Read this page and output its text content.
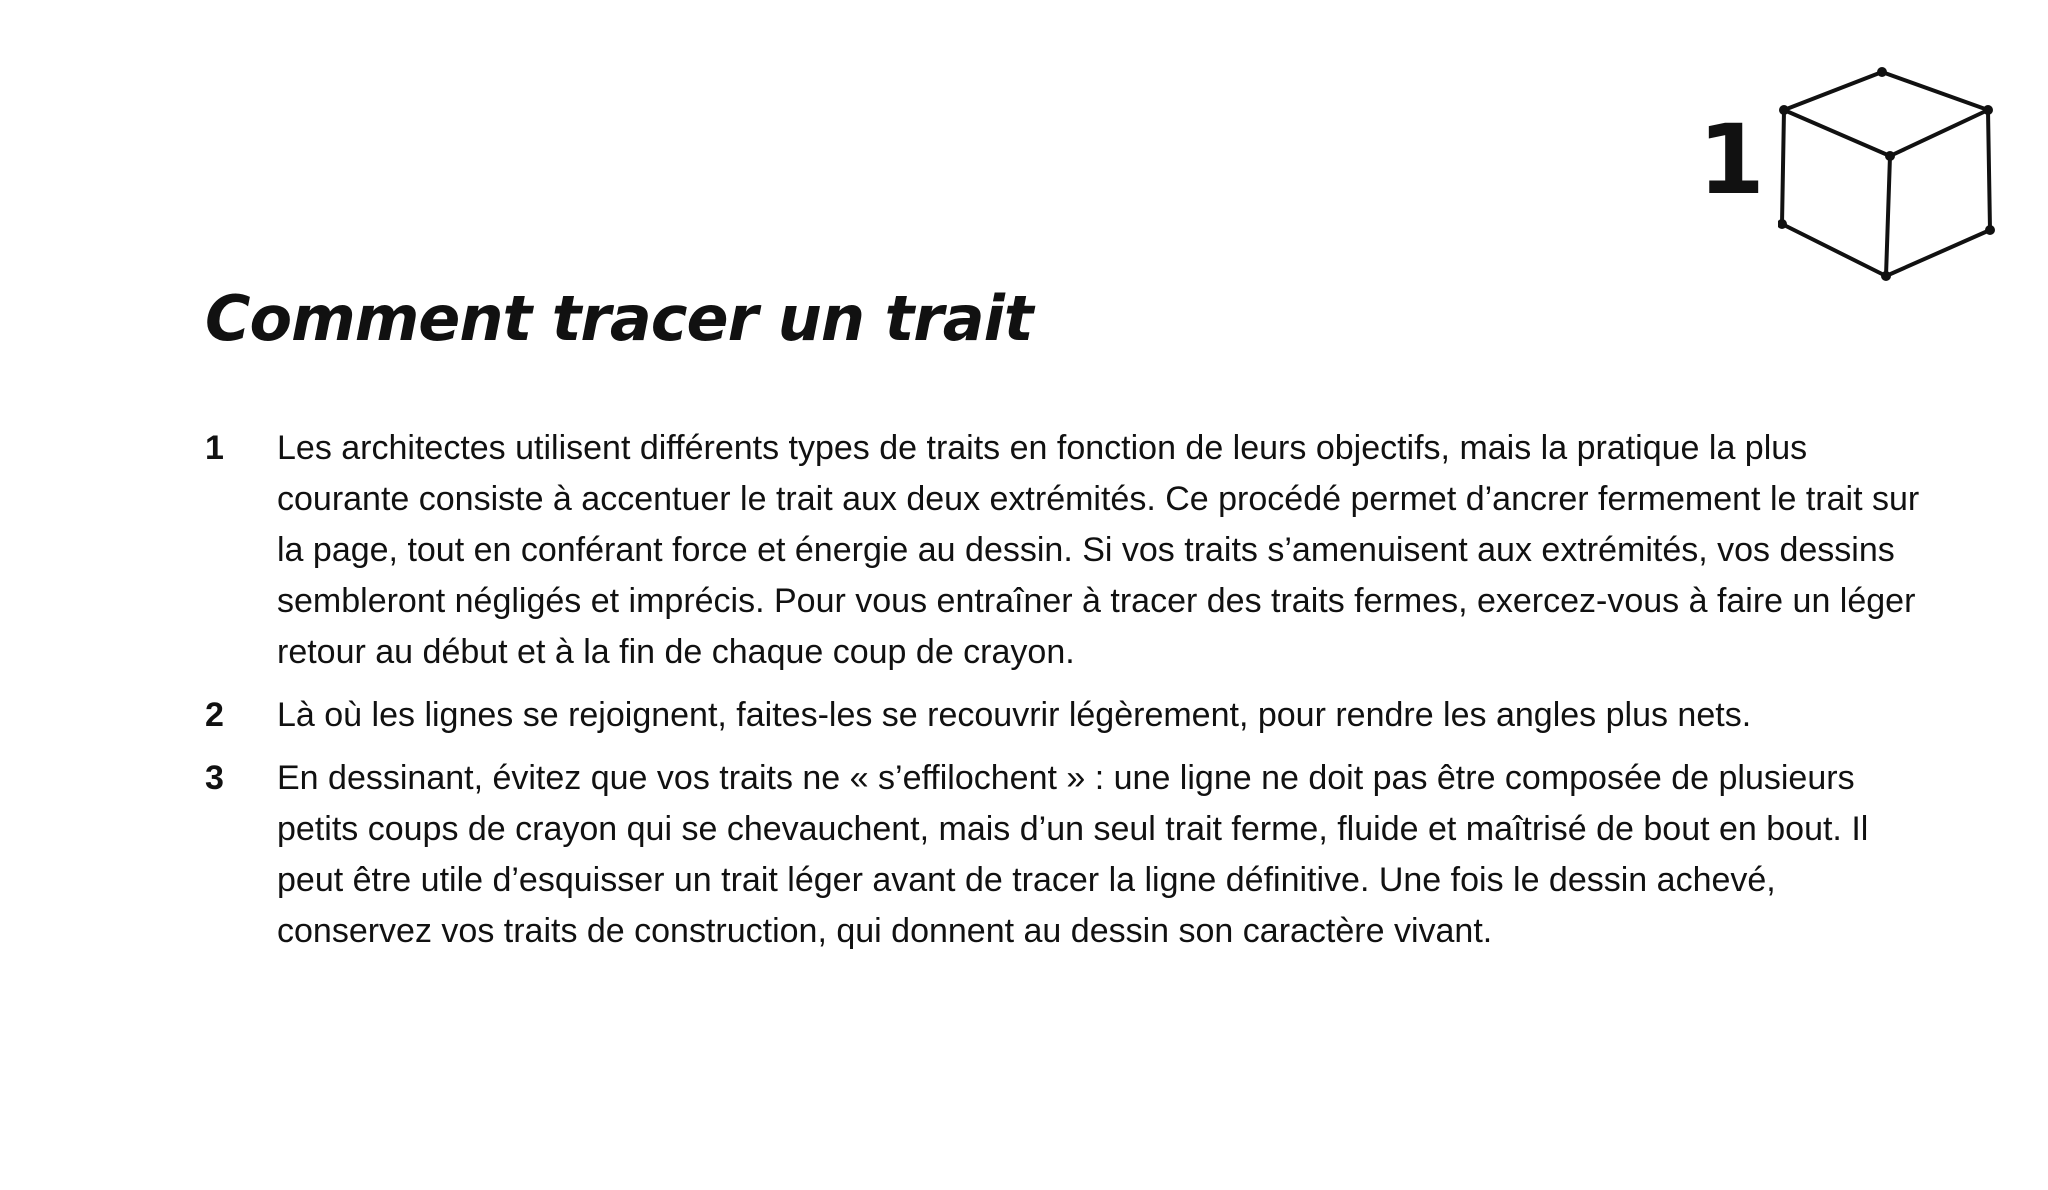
1
Comment tracer un trait
1 Les architectes utilisent différents types de traits en fonction de leurs objectifs, mais la pratique la plus courante consiste à accentuer le trait aux deux extrémités. Ce procédé permet d’ancrer fermement le trait sur la page, tout en conférant force et énergie au dessin. Si vos traits s’amenuisent aux extrémités, vos dessins sembleront négligés et imprécis. Pour vous entraîner à tracer des traits fermes, exercez-vous à faire un léger retour au début et à la fin de chaque coup de crayon.
2 Là où les lignes se rejoignent, faites-les se recouvrir légèrement, pour rendre les angles plus nets.
3 En dessinant, évitez que vos traits ne « s’effilochent » : une ligne ne doit pas être composée de plusieurs petits coups de crayon qui se chevauchent, mais d’un seul trait ferme, fluide et maîtrisé de bout en bout. Il peut être utile d’esquisser un trait léger avant de tracer la ligne définitive. Une fois le dessin achevé, conservez vos traits de construction, qui donnent au dessin son caractère vivant.
